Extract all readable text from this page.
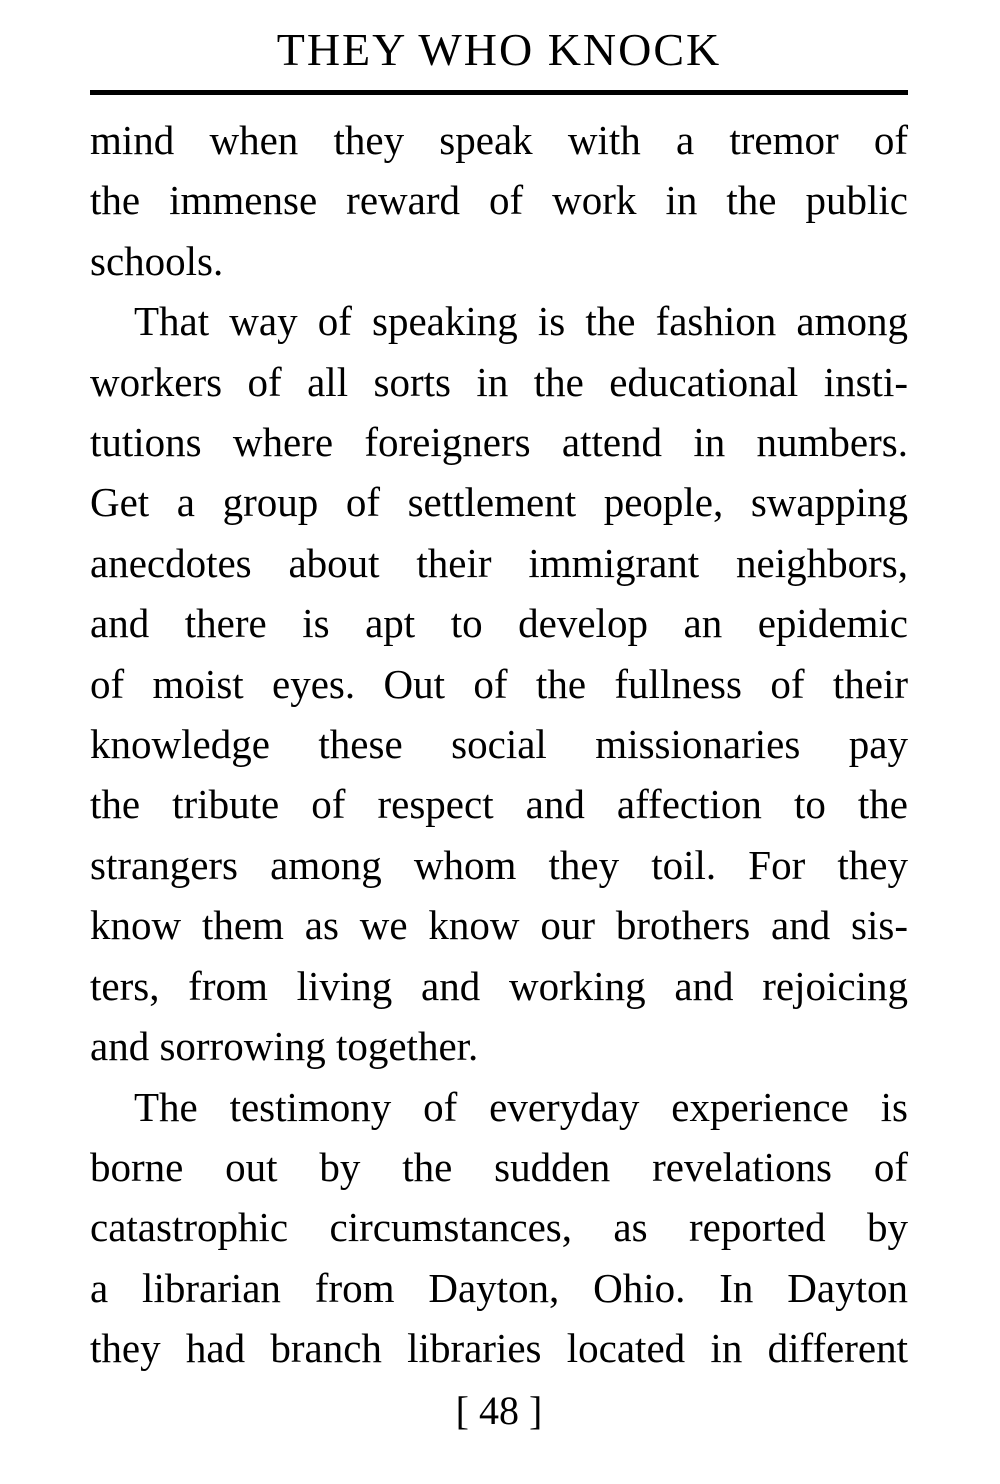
THEY WHO KNOCK

mind when they speak with a tremor of
the immense reward of work in the public
schools.

That way of speaking is the fashion among
workers of all sorts in the educational insti-
tutions where foreigners attend in numbers.
Get a group of settlement people, swapping
anecdotes about their immigrant neighbors,
and there is apt to develop an epidemic
of moist eyes. Out of the fullness of their
knowledge these social missionaries pay
the tribute of respect and affection to the
strangers among whom they toil. For they
know them as we know our brothers and sis-
ters, from living and working and rejoicing
and sorrowing together.

The testimony of everyday experience is
borne out by the sudden revelations of
catastrophic circumstances, as reported by
a librarian from Dayton, Ohio. In Dayton
they had branch libraries located in different

[ 48 ]
